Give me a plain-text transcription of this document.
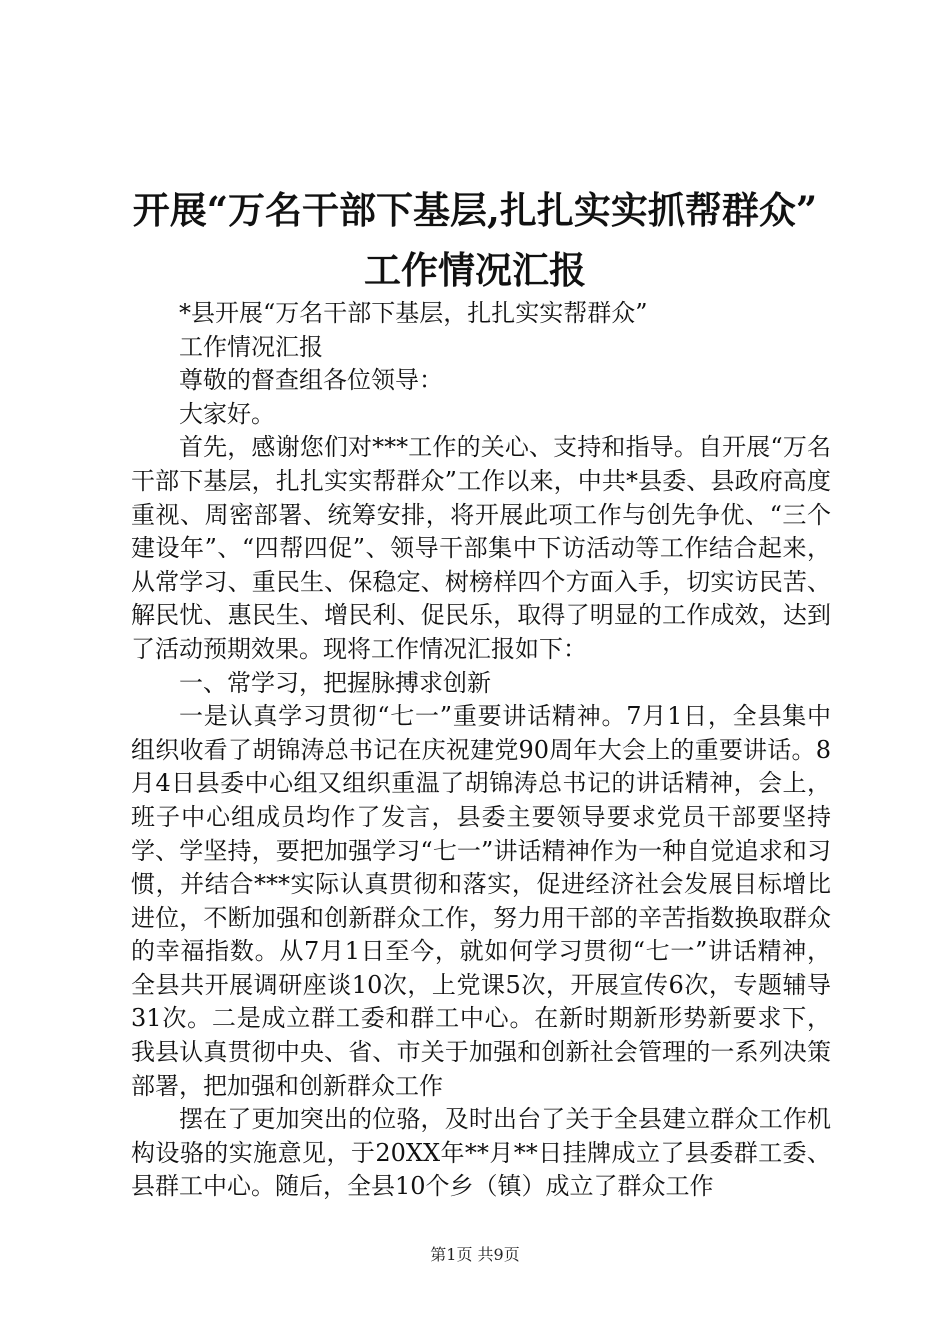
开展“万名干部下基层,扎扎实实抓帮群众”
工作情况汇报

*县开展“万名干部下基层，扎扎实实帮群众”

工作情况汇报

尊敬的督查组各位领导：

大家好。

首先，感谢您们对***工作的关心、支持和指导。自开展“万名干部下基层，扎扎实实帮群众”工作以来，中共*县委、县政府高度重视、周密部署、统筹安排，将开展此项工作与创先争优、“三个建设年”、“四帮四促”、领导干部集中下访活动等工作结合起来，从常学习、重民生、保稳定、树榜样四个方面入手，切实访民苦、解民忧、惠民生、增民利、促民乐，取得了明显的工作成效，达到了活动预期效果。现将工作情况汇报如下：

一、常学习，把握脉搏求创新

一是认真学习贯彻“七一”重要讲话精神。7月1日，全县集中组织收看了胡锦涛总书记在庆祝建党90周年大会上的重要讲话。8月4日县委中心组又组织重温了胡锦涛总书记的讲话精神，会上，班子中心组成员均作了发言，县委主要领导要求党员干部要坚持学、学坚持，要把加强学习“七一”讲话精神作为一种自觉追求和习惯，并结合***实际认真贯彻和落实，促进经济社会发展目标增比进位，不断加强和创新群众工作，努力用干部的辛苦指数换取群众的幸福指数。从7月1日至今，就如何学习贯彻“七一”讲话精神，全县共开展调研座谈10次，上党课5次，开展宣传6次，专题辅导31次。二是成立群工委和群工中心。在新时期新形势新要求下，我县认真贯彻中央、省、市关于加强和创新社会管理的一系列决策部署，把加强和创新群众工作

摆在了更加突出的位骆，及时出台了关于全县建立群众工作机构设骆的实施意见，于20XX年**月**日挂牌成立了县委群工委、县群工中心。随后，全县10个乡（镇）成立了群众工作

第1页 共9页
